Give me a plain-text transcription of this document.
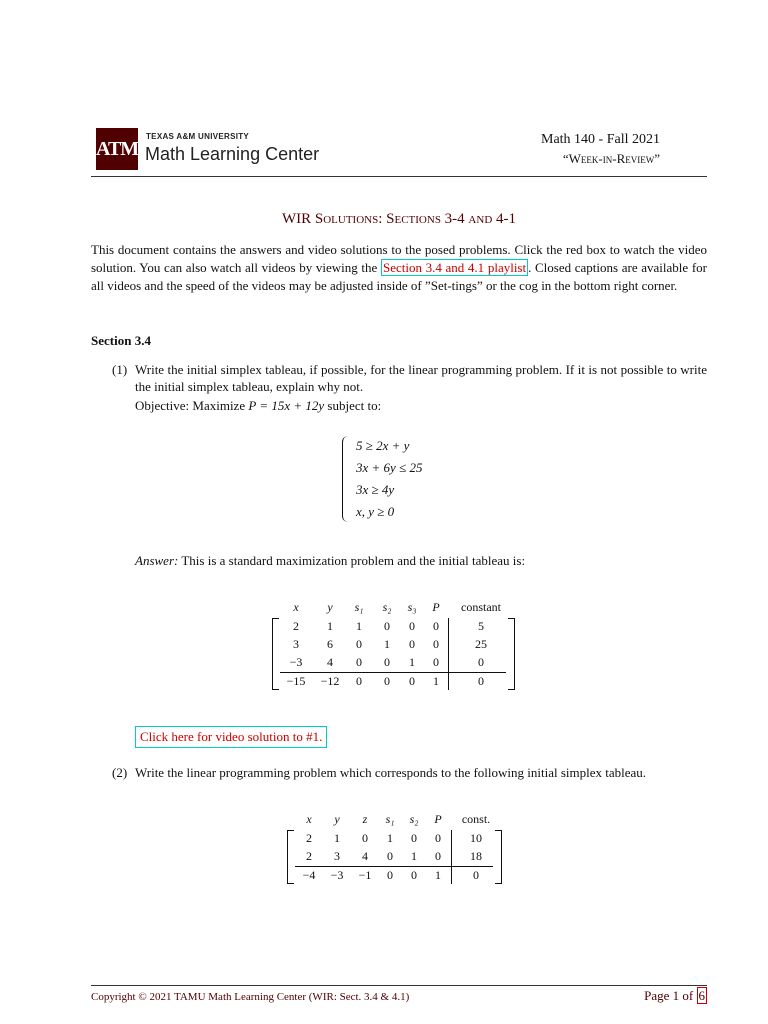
ATM
TEXAS A&M UNIVERSITY
Math Learning Center
Math 140 - Fall 2021
“Week-in-Review”
WIR Solutions: Sections 3-4 and 4-1
This document contains the answers and video solutions to the posed problems. Click the red box to watch the video solution. You can also watch all videos by viewing the Section 3.4 and 4.1 playlist . Closed captions are available for all videos and the speed of the videos may be adjusted inside of ”Set-tings” or the cog in the bottom right corner.
Section 3.4
(1) Write the initial simplex tableau, if possible, for the linear programming problem. If it is not possible to write the initial simplex tableau, explain why not.
Objective: Maximize P = 15x + 12y subject to:
5 ≥ 2x + y
3x + 6y ≤ 25
3x ≥ 4y
x, y ≥ 0
Answer: This is a standard maximization problem and the initial tableau is:
x	y	s₁	s₂	s₃	P	constant
2	1	1	0	0	0	5
3	6	0	1	0	0	25
−3	4	0	0	1	0	0
−15	−12	0	0	0	1	0
Click here for video solution to #1.
(2) Write the linear programming problem which corresponds to the following initial simplex tableau.
x	y	z	s₁	s₂	P	const.
2	1	0	1	0	0	10
2	3	4	0	1	0	18
−4	−3	−1	0	0	1	0
Copyright © 2021 TAMU Math Learning Center (WIR: Sect. 3.4 & 4.1)	Page 1 of 6
